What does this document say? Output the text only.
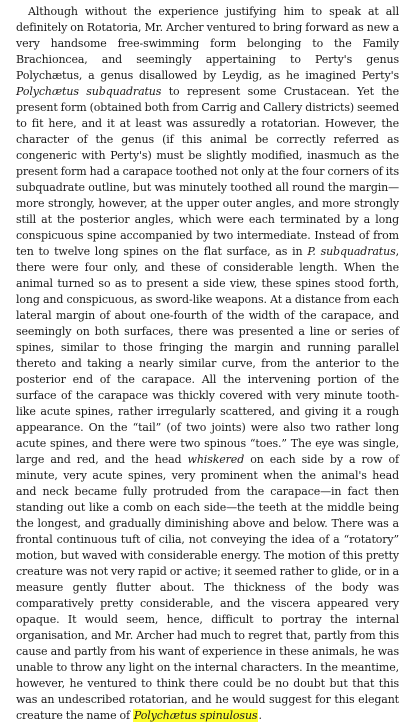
Although without the experience justifying him to speak at all definitely on Rotatoria, Mr. Archer ventured to bring forward as new a very handsome free-swimming form belonging to the Family Brachioncea, and seemingly appertaining to Perty's genus Polychætus, a genus disallowed by Leydig, as he imagined Perty's Polychætus subquadratus to represent some Crustacean. Yet the present form (obtained both from Carrig and Callery districts) seemed to fit here, and it at least was assuredly a rotatorian. However, the character of the genus (if this animal be correctly referred as congeneric with Perty's) must be slightly modified, inasmuch as the present form had a carapace toothed not only at the four corners of its subquadrate outline, but was minutely toothed all round the margin—more strongly, however, at the upper outer angles, and more strongly still at the posterior angles, which were each terminated by a long conspicuous spine accompanied by two intermediate. Instead of from ten to twelve long spines on the flat surface, as in P. subquadratus, there were four only, and these of considerable length. When the animal turned so as to present a side view, these spines stood forth, long and conspicuous, as sword-like weapons. At a distance from each lateral margin of about one-fourth of the width of the carapace, and seemingly on both surfaces, there was presented a line or series of spines, similar to those fringing the margin and running parallel thereto and taking a nearly similar curve, from the anterior to the posterior end of the carapace. All the intervening portion of the surface of the carapace was thickly covered with very minute tooth-like acute spines, rather irregularly scattered, and giving it a rough appearance. On the “tail” (of two joints) were also two rather long acute spines, and there were two spinous “toes.” The eye was single, large and red, and the head whiskered on each side by a row of minute, very acute spines, very prominent when the animal's head and neck became fully protruded from the carapace—in fact then standing out like a comb on each side—the teeth at the middle being the longest, and gradually diminishing above and below. There was a frontal continuous tuft of cilia, not conveying the idea of a “rotatory” motion, but waved with considerable energy. The motion of this pretty creature was not very rapid or active; it seemed rather to glide, or in a measure gently flutter about. The thickness of the body was comparatively pretty considerable, and the viscera appeared very opaque. It would seem, hence, difficult to portray the internal organisation, and Mr. Archer had much to regret that, partly from this cause and partly from his want of experience in these animals, he was unable to throw any light on the internal characters. In the meantime, however, he ventured to think there could be no doubt but that this was an undescribed rotatorian, and he would suggest for this elegant creature the name of Polychætus spinulosus.
